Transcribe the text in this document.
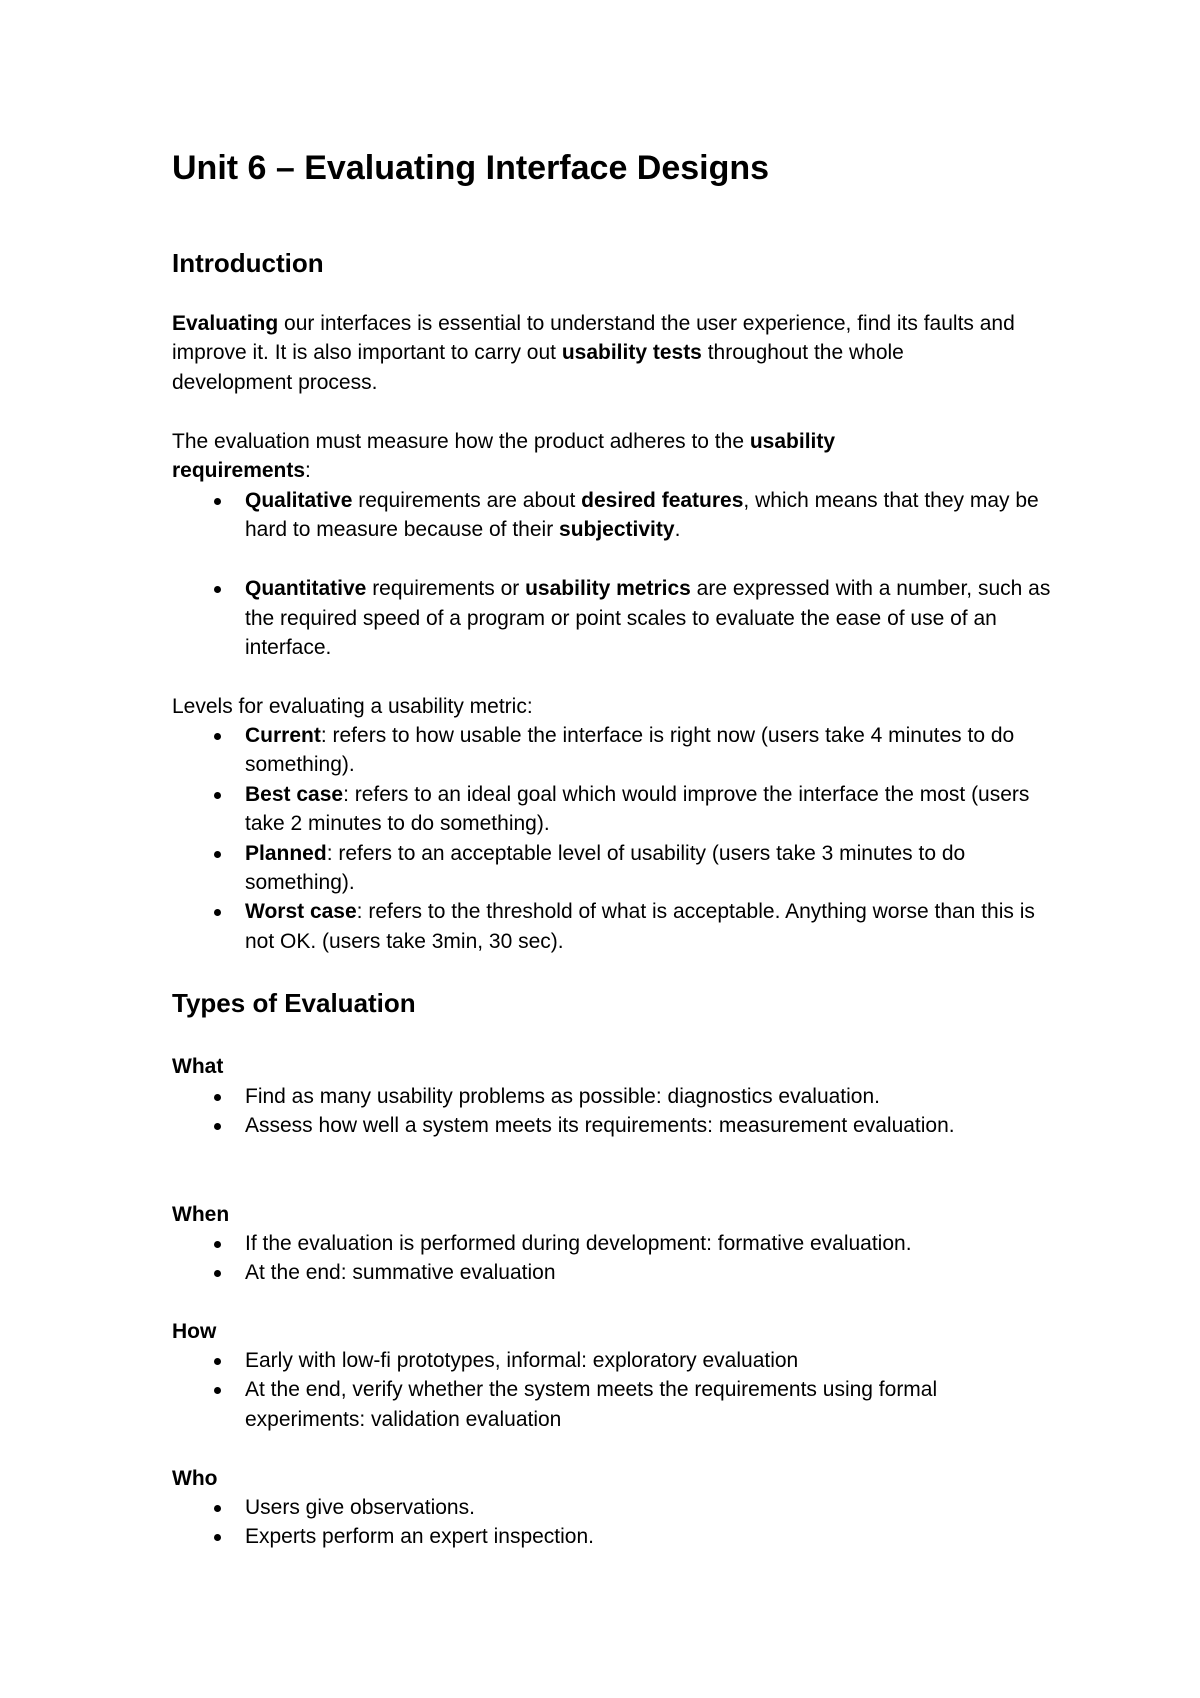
Unit 6 – Evaluating Interface Designs
Introduction

Evaluating our interfaces is essential to understand the user experience, find its faults and improve it. It is also important to carry out usability tests throughout the whole development process.

The evaluation must measure how the product adheres to the usability requirements:

Qualitative requirements are about desired features, which means that they may be hard to measure because of their subjectivity.
Quantitative requirements or usability metrics are expressed with a number, such as the required speed of a program or point scales to evaluate the ease of use of an interface.

Levels for evaluating a usability metric:

Current: refers to how usable the interface is right now (users take 4 minutes to do something).
Best case: refers to an ideal goal which would improve the interface the most (users take 2 minutes to do something).
Planned: refers to an acceptable level of usability (users take 3 minutes to do something).
Worst case: refers to the threshold of what is acceptable. Anything worse than this is not OK. (users take 3min, 30 sec).
Types of Evaluation
What
Find as many usability problems as possible: diagnostics evaluation.
Assess how well a system meets its requirements: measurement evaluation.
When
If the evaluation is performed during development: formative evaluation.
At the end: summative evaluation
How
Early with low-fi prototypes, informal: exploratory evaluation
At the end, verify whether the system meets the requirements using formal experiments: validation evaluation
Who
Users give observations.
Experts perform an expert inspection.
